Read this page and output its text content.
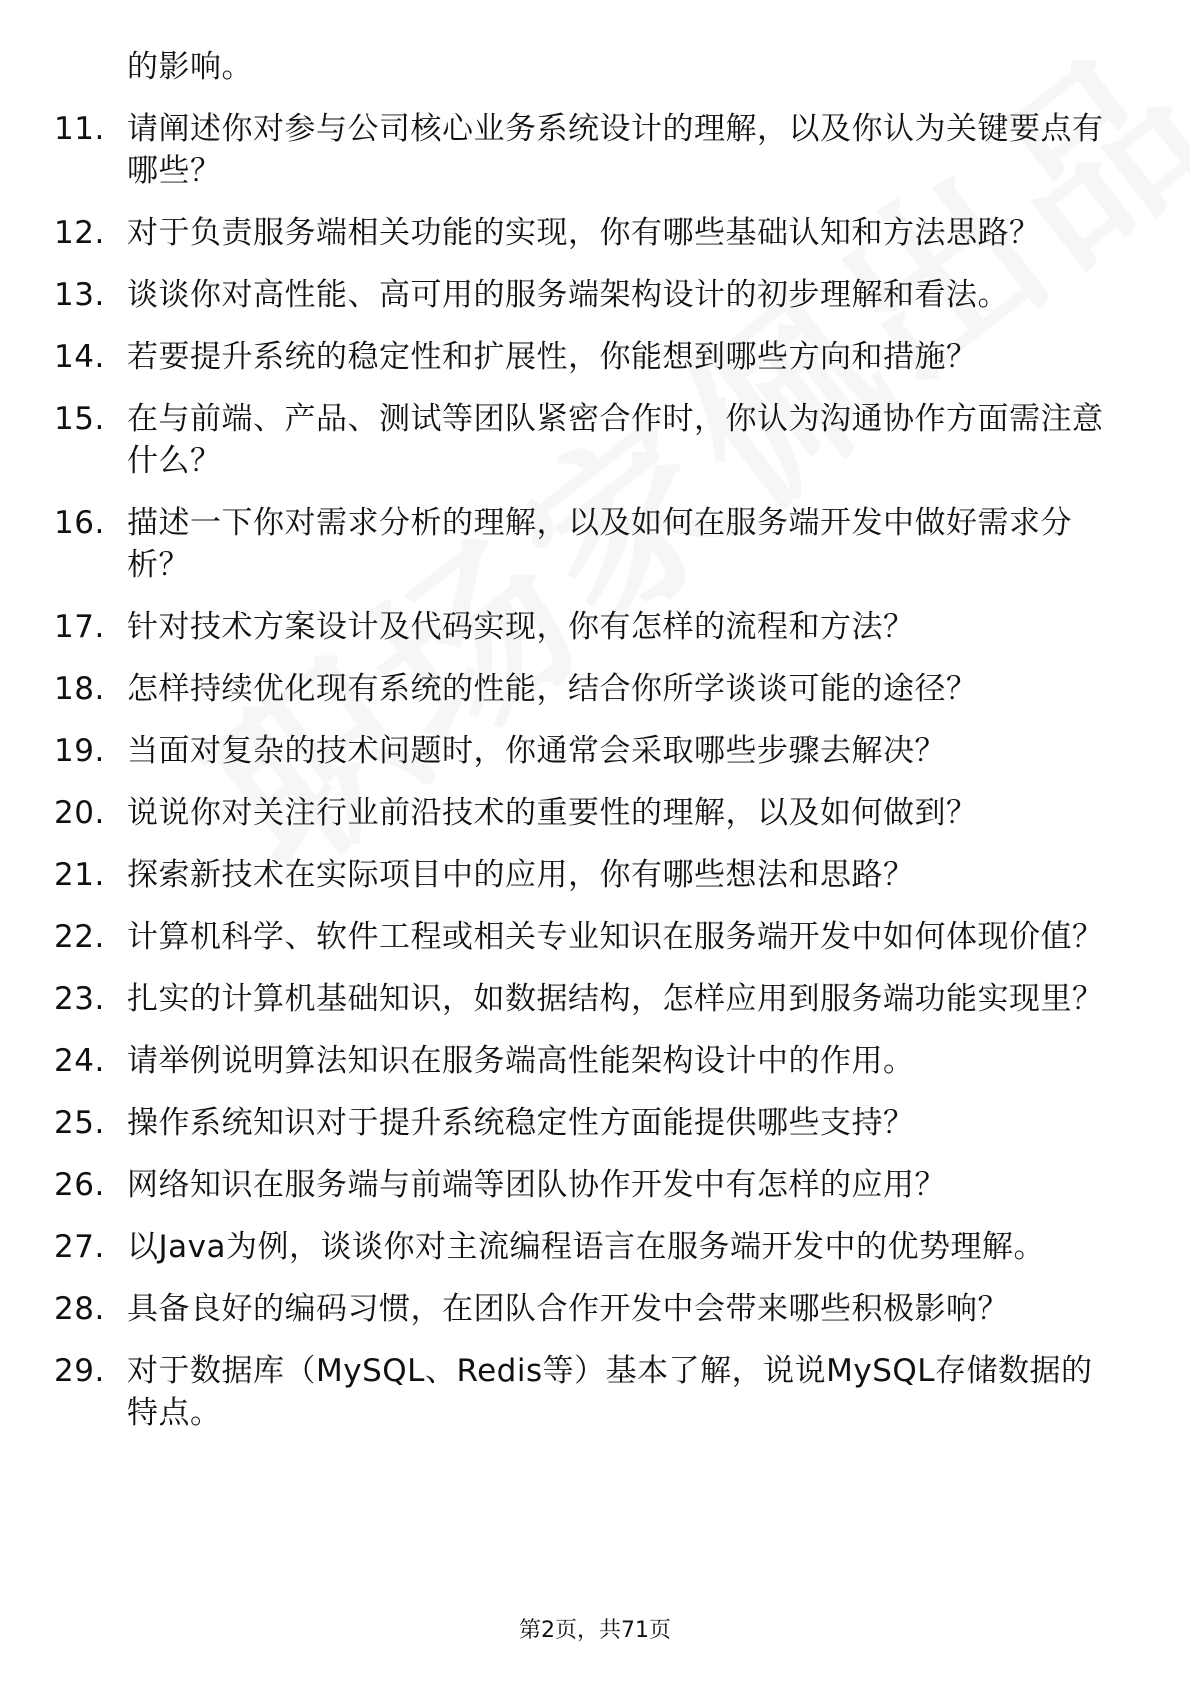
的影响。
11. 请阐述你对参与公司核心业务系统设计的理解，以及你认为关键要点有哪些？
12. 对于负责服务端相关功能的实现，你有哪些基础认知和方法思路？
13. 谈谈你对高性能、高可用的服务端架构设计的初步理解和看法。
14. 若要提升系统的稳定性和扩展性，你能想到哪些方向和措施？
15. 在与前端、产品、测试等团队紧密合作时，你认为沟通协作方面需注意什么？
16. 描述一下你对需求分析的理解，以及如何在服务端开发中做好需求分析？
17. 针对技术方案设计及代码实现，你有怎样的流程和方法？
18. 怎样持续优化现有系统的性能，结合你所学谈谈可能的途径？
19. 当面对复杂的技术问题时，你通常会采取哪些步骤去解决？
20. 说说你对关注行业前沿技术的重要性的理解，以及如何做到？
21. 探索新技术在实际项目中的应用，你有哪些想法和思路？
22. 计算机科学、软件工程或相关专业知识在服务端开发中如何体现价值？
23. 扎实的计算机基础知识，如数据结构，怎样应用到服务端功能实现里？
24. 请举例说明算法知识在服务端高性能架构设计中的作用。
25. 操作系统知识对于提升系统稳定性方面能提供哪些支持？
26. 网络知识在服务端与前端等团队协作开发中有怎样的应用？
27. 以Java为例，谈谈你对主流编程语言在服务端开发中的优势理解。
28. 具备良好的编码习惯，在团队合作开发中会带来哪些积极影响？
29. 对于数据库（MySQL、Redis等）基本了解，说说MySQL存储数据的特点。
第2页，共71页
